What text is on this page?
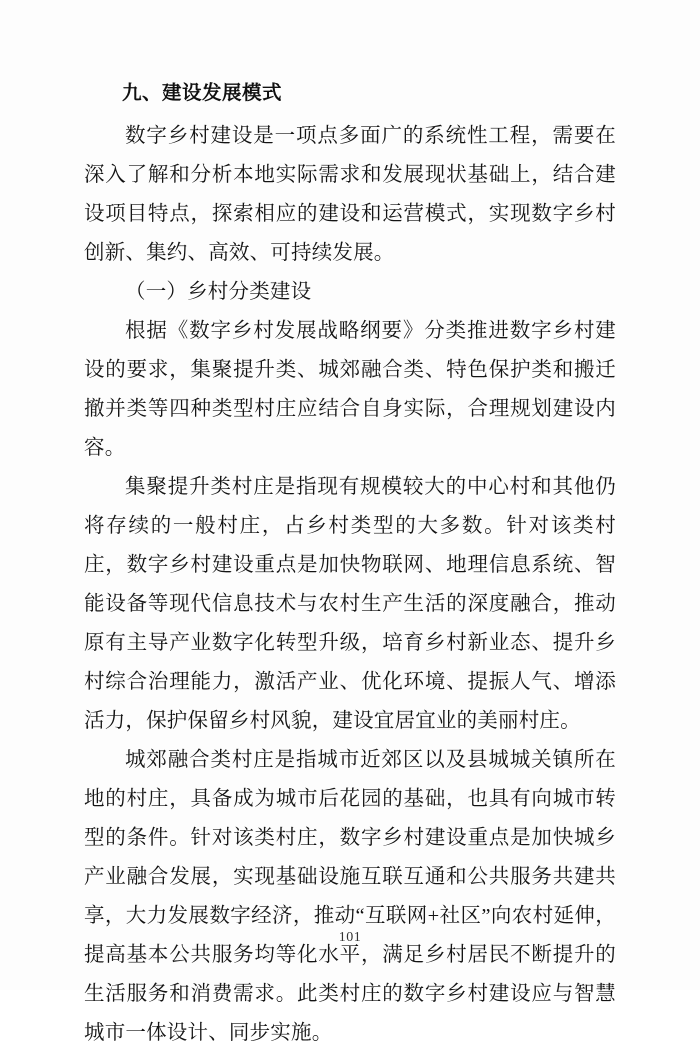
九、建设发展模式

数字乡村建设是一项点多面广的系统性工程，需要在深入了解和分析本地实际需求和发展现状基础上，结合建设项目特点，探索相应的建设和运营模式，实现数字乡村创新、集约、高效、可持续发展。

（一）乡村分类建设

根据《数字乡村发展战略纲要》分类推进数字乡村建设的要求，集聚提升类、城郊融合类、特色保护类和搬迁撤并类等四种类型村庄应结合自身实际，合理规划建设内容。

集聚提升类村庄是指现有规模较大的中心村和其他仍将存续的一般村庄，占乡村类型的大多数。针对该类村庄，数字乡村建设重点是加快物联网、地理信息系统、智能设备等现代信息技术与农村生产生活的深度融合，推动原有主导产业数字化转型升级，培育乡村新业态、提升乡村综合治理能力，激活产业、优化环境、提振人气、增添活力，保护保留乡村风貌，建设宜居宜业的美丽村庄。

城郊融合类村庄是指城市近郊区以及县城城关镇所在地的村庄，具备成为城市后花园的基础，也具有向城市转型的条件。针对该类村庄，数字乡村建设重点是加快城乡产业融合发展，实现基础设施互联互通和公共服务共建共享，大力发展数字经济，推动“互联网+社区”向农村延伸，提高基本公共服务均等化水平，满足乡村居民不断提升的生活服务和消费需求。此类村庄的数字乡村建设应与智慧城市一体设计、同步实施。

101
